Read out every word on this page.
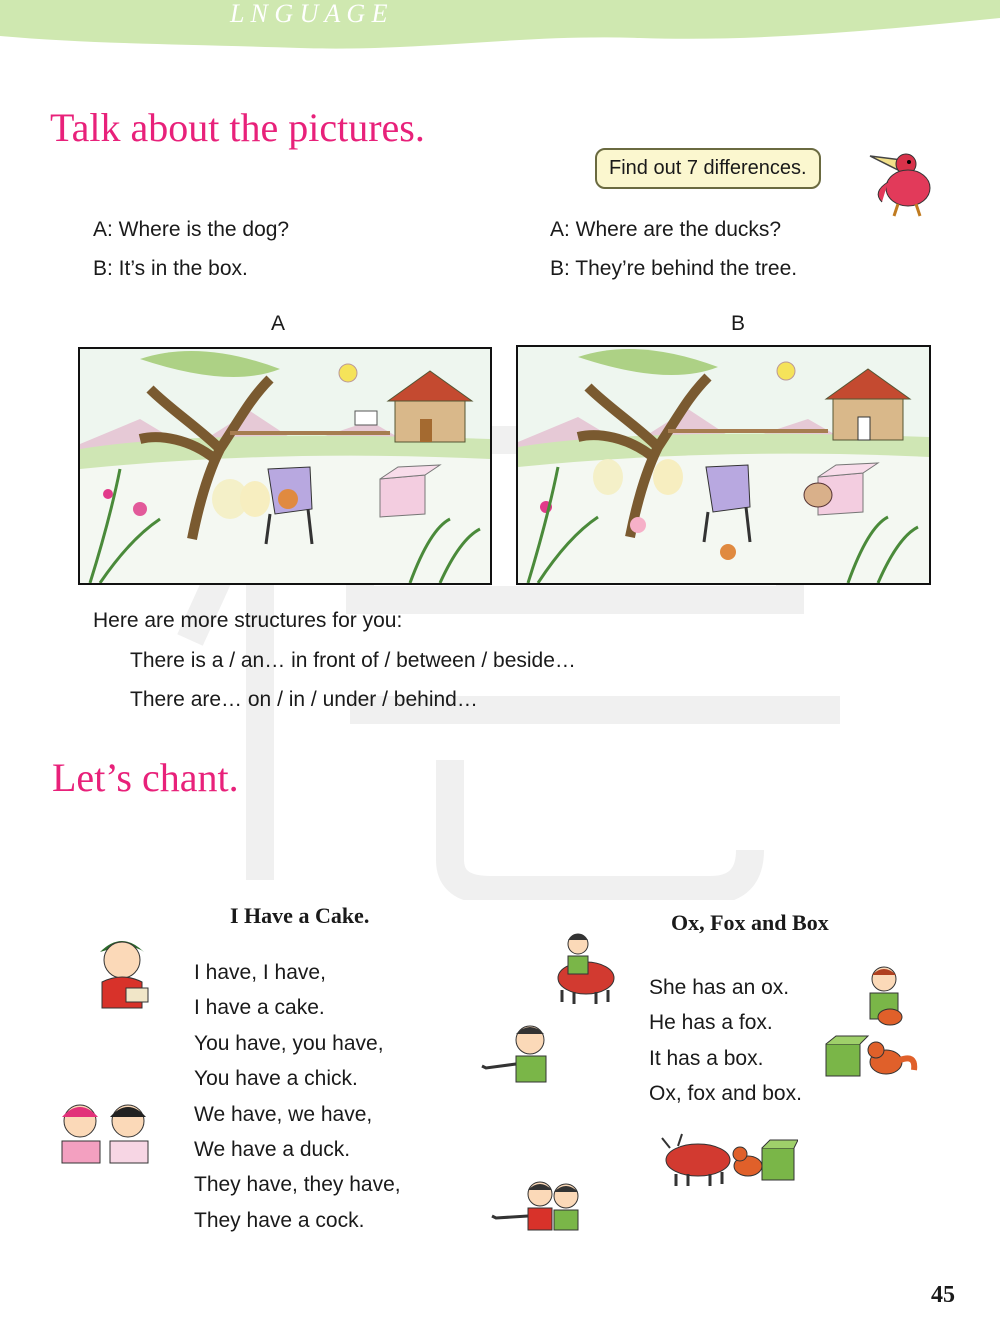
L N G U A G E
Talk about the pictures.
Find out 7 differences.
A: Where is the dog?
B: It’s in the box.
A: Where are the ducks?
B: They’re behind the tree.
A	B
Here are more structures for you:
There is a / an… in front of / between / beside…
There are… on / in / under / behind…
Let’s chant.
I Have a Cake.
I have, I have,
I have a cake.
You have, you have,
You have a chick.
We have, we have,
We have a duck.
They have, they have,
They have a cock.
Ox, Fox and Box
She has an ox.
He has a fox.
It has a box.
Ox, fox and box.
45
